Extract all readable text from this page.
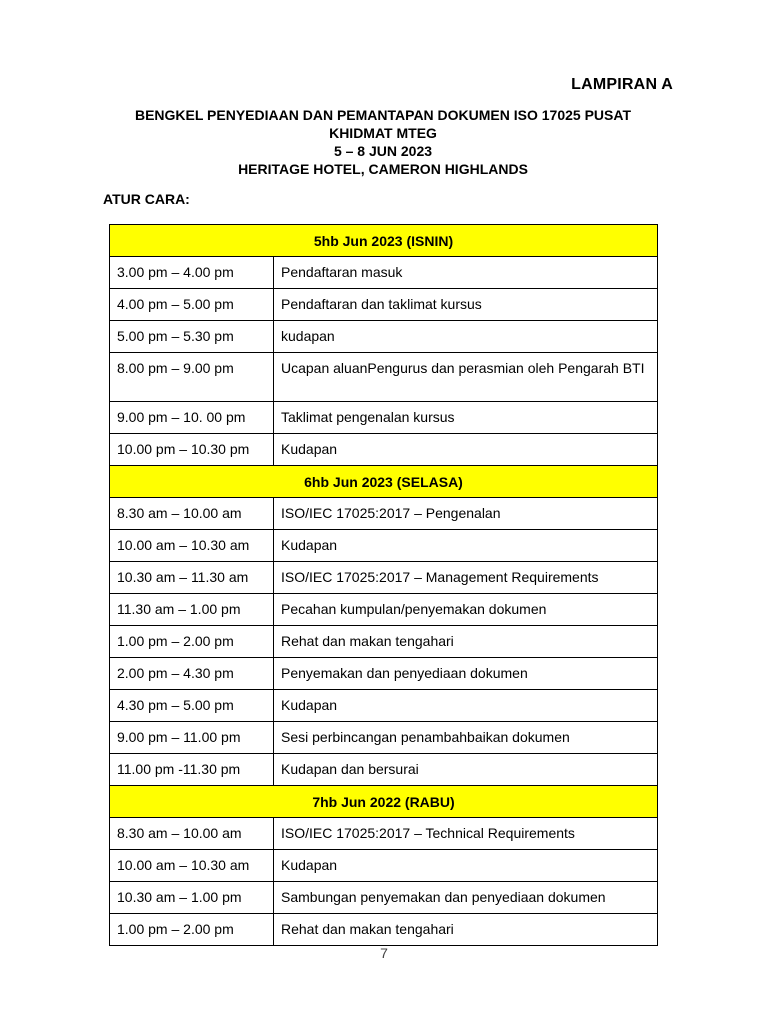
LAMPIRAN A
BENGKEL PENYEDIAAN DAN PEMANTAPAN DOKUMEN ISO 17025 PUSAT
KHIDMAT MTEG
5 – 8 JUN 2023
HERITAGE HOTEL, CAMERON HIGHLANDS
ATUR CARA:
5hb Jun 2023 (ISNIN)	
3.00 pm – 4.00 pm	Pendaftaran masuk
4.00 pm – 5.00 pm	Pendaftaran dan taklimat kursus
5.00 pm – 5.30 pm	kudapan
8.00 pm – 9.00 pm	Ucapan aluanPengurus dan perasmian oleh Pengarah BTI
9.00 pm – 10. 00 pm	Taklimat pengenalan kursus
10.00 pm – 10.30 pm	Kudapan
6hb Jun 2023 (SELASA)	
8.30 am – 10.00 am	ISO/IEC 17025:2017 – Pengenalan
10.00 am – 10.30 am	Kudapan
10.30 am – 11.30 am	ISO/IEC 17025:2017 – Management Requirements
11.30 am – 1.00 pm	Pecahan kumpulan/penyemakan dokumen
1.00 pm – 2.00 pm	Rehat dan makan tengahari
2.00 pm – 4.30 pm	Penyemakan dan penyediaan dokumen
4.30 pm – 5.00 pm	Kudapan
9.00 pm – 11.00 pm	Sesi perbincangan penambahbaikan dokumen
11.00 pm -11.30 pm	Kudapan dan bersurai
7hb Jun 2022 (RABU)	
8.30 am – 10.00 am	ISO/IEC 17025:2017 – Technical Requirements
10.00 am – 10.30 am	Kudapan
10.30 am – 1.00 pm	Sambungan penyemakan dan penyediaan dokumen
1.00 pm – 2.00 pm	Rehat dan makan tengahari
7
